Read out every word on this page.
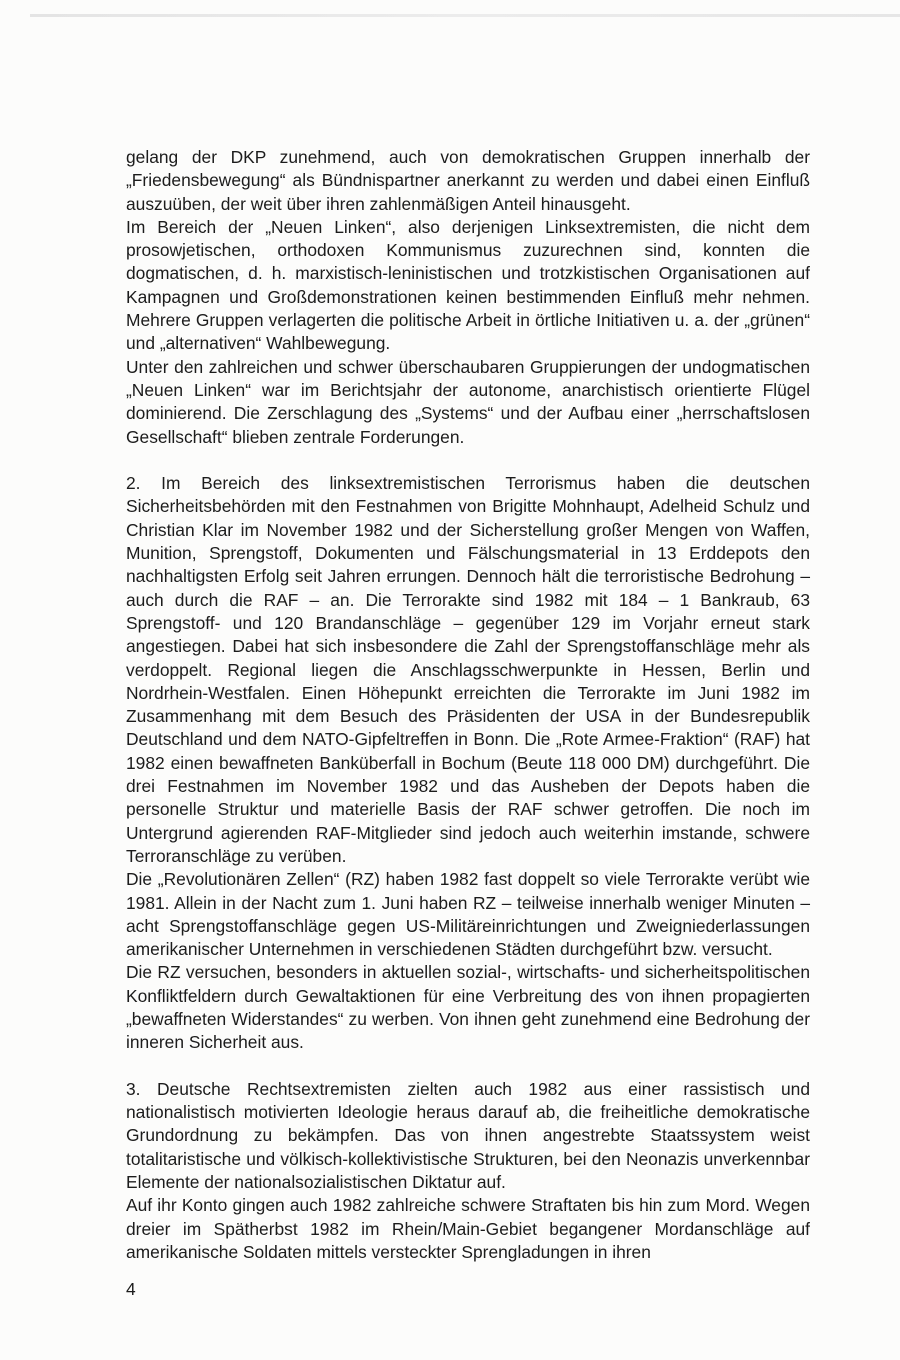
gelang der DKP zunehmend, auch von demokratischen Gruppen innerhalb der „Friedensbewegung“ als Bündnispartner anerkannt zu werden und dabei einen Einfluß auszuüben, der weit über ihren zahlenmäßigen Anteil hinausgeht.

Im Bereich der „Neuen Linken“, also derjenigen Linksextremisten, die nicht dem prosowjetischen, orthodoxen Kommunismus zuzurechnen sind, konnten die dogmatischen, d. h. marxistisch-leninistischen und trotzkistischen Organisationen auf Kampagnen und Großdemonstrationen keinen bestimmenden Einfluß mehr nehmen. Mehrere Gruppen verlagerten die politische Arbeit in örtliche Initiativen u. a. der „grünen“ und „alternativen“ Wahlbewegung.

Unter den zahlreichen und schwer überschaubaren Gruppierungen der undogmatischen „Neuen Linken“ war im Berichtsjahr der autonome, anarchistisch orientierte Flügel dominierend. Die Zerschlagung des „Systems“ und der Aufbau einer „herrschaftslosen Gesellschaft“ blieben zentrale Forderungen.

2. Im Bereich des linksextremistischen Terrorismus haben die deutschen Sicherheitsbehörden mit den Festnahmen von Brigitte Mohnhaupt, Adelheid Schulz und Christian Klar im November 1982 und der Sicherstellung großer Mengen von Waffen, Munition, Sprengstoff, Dokumenten und Fälschungsmaterial in 13 Erddepots den nachhaltigsten Erfolg seit Jahren errungen. Dennoch hält die terroristische Bedrohung – auch durch die RAF – an. Die Terrorakte sind 1982 mit 184 – 1 Bankraub, 63 Sprengstoff- und 120 Brandanschläge – gegenüber 129 im Vorjahr erneut stark angestiegen. Dabei hat sich insbesondere die Zahl der Sprengstoffanschläge mehr als verdoppelt. Regional liegen die Anschlagsschwerpunkte in Hessen, Berlin und Nordrhein-Westfalen. Einen Höhepunkt erreichten die Terrorakte im Juni 1982 im Zusammenhang mit dem Besuch des Präsidenten der USA in der Bundesrepublik Deutschland und dem NATO-Gipfeltreffen in Bonn. Die „Rote Armee-Fraktion“ (RAF) hat 1982 einen bewaffneten Banküberfall in Bochum (Beute 118 000 DM) durchgeführt. Die drei Festnahmen im November 1982 und das Ausheben der Depots haben die personelle Struktur und materielle Basis der RAF schwer getroffen. Die noch im Untergrund agierenden RAF-Mitglieder sind jedoch auch weiterhin imstande, schwere Terroranschläge zu verüben.

Die „Revolutionären Zellen“ (RZ) haben 1982 fast doppelt so viele Terrorakte verübt wie 1981. Allein in der Nacht zum 1. Juni haben RZ – teilweise innerhalb weniger Minuten – acht Sprengstoffanschläge gegen US-Militäreinrichtungen und Zweigniederlassungen amerikanischer Unternehmen in verschiedenen Städten durchgeführt bzw. versucht.

Die RZ versuchen, besonders in aktuellen sozial-, wirtschafts- und sicherheitspolitischen Konfliktfeldern durch Gewaltaktionen für eine Verbreitung des von ihnen propagierten „bewaffneten Widerstandes“ zu werben. Von ihnen geht zunehmend eine Bedrohung der inneren Sicherheit aus.

3. Deutsche Rechtsextremisten zielten auch 1982 aus einer rassistisch und nationalistisch motivierten Ideologie heraus darauf ab, die freiheitliche demokratische Grundordnung zu bekämpfen. Das von ihnen angestrebte Staatssystem weist totalitaristische und völkisch-kollektivistische Strukturen, bei den Neonazis unverkennbar Elemente der nationalsozialistischen Diktatur auf.

Auf ihr Konto gingen auch 1982 zahlreiche schwere Straftaten bis hin zum Mord. Wegen dreier im Spätherbst 1982 im Rhein/Main-Gebiet begangener Mordanschläge auf amerikanische Soldaten mittels versteckter Sprengladungen in ihren

4
